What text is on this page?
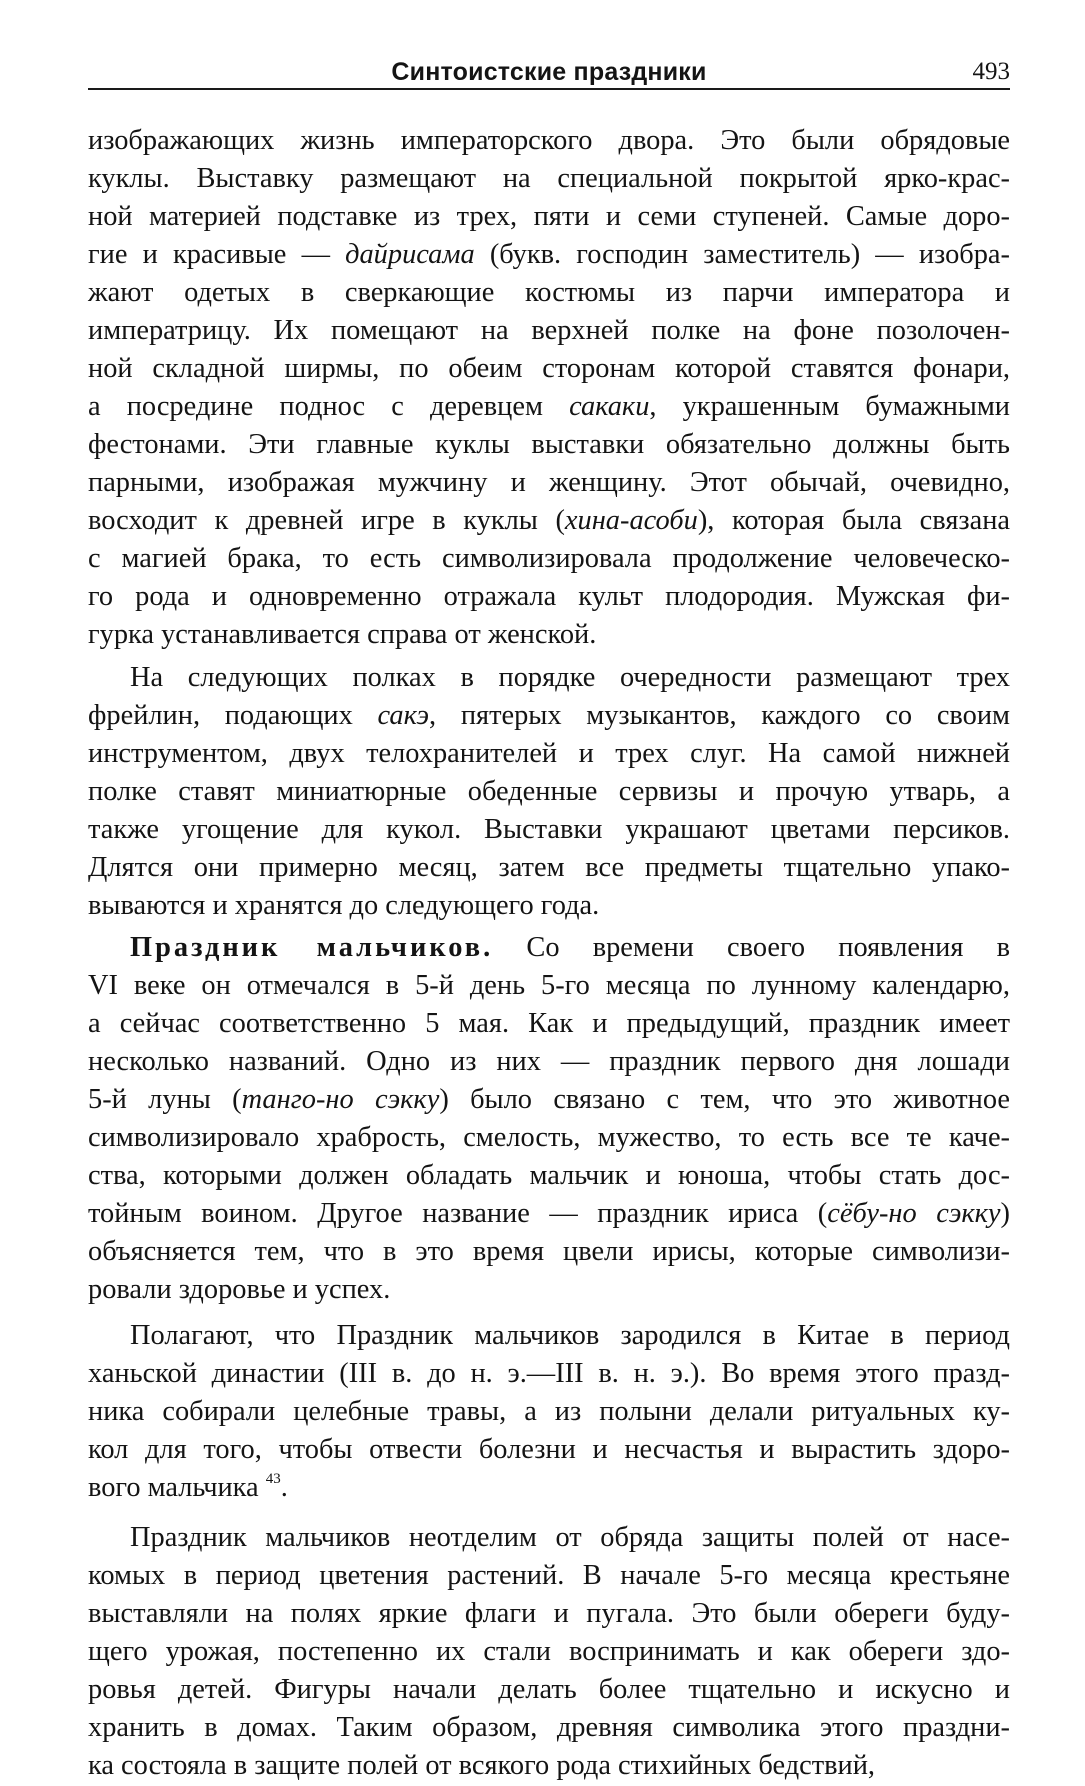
Синтоистские праздники	493
изображающих жизнь императорского двора. Это были обрядовые
куклы. Выставку размещают на специальной покрытой ярко-крас-
ной материей подставке из трех, пяти и семи ступеней. Самые доро-
гие и красивые — дайрисама (букв. господин заместитель) — изобра-
жают одетых в сверкающие костюмы из парчи императора и
императрицу. Их помещают на верхней полке на фоне позолочен-
ной складной ширмы, по обеим сторонам которой ставятся фонари,
а посредине поднос с деревцем сакаки, украшенным бумажными
фестонами. Эти главные куклы выставки обязательно должны быть
парными, изображая мужчину и женщину. Этот обычай, очевидно,
восходит к древней игре в куклы (хина-асоби), которая была связана
с магией брака, то есть символизировала продолжение человеческо-
го рода и одновременно отражала культ плодородия. Мужская фи-
гурка устанавливается справа от женской.
На следующих полках в порядке очередности размещают трех
фрейлин, подающих сакэ, пятерых музыкантов, каждого со своим
инструментом, двух телохранителей и трех слуг. На самой нижней
полке ставят миниатюрные обеденные сервизы и прочую утварь, а
также угощение для кукол. Выставки украшают цветами персиков.
Длятся они примерно месяц, затем все предметы тщательно упако-
вываются и хранятся до следующего года.
Праздник мальчиков. Со времени своего появления в
VI веке он отмечался в 5-й день 5-го месяца по лунному календарю,
а сейчас соответственно 5 мая. Как и предыдущий, праздник имеет
несколько названий. Одно из них — праздник первого дня лошади
5-й луны (танго-но сэкку) было связано с тем, что это животное
символизировало храбрость, смелость, мужество, то есть все те каче-
ства, которыми должен обладать мальчик и юноша, чтобы стать дос-
тойным воином. Другое название — праздник ириса (сёбу-но сэкку)
объясняется тем, что в это время цвели ирисы, которые символизи-
ровали здоровье и успех.
Полагают, что Праздник мальчиков зародился в Китае в период
ханьской династии (III в. до н. э.—III в. н. э.). Во время этого празд-
ника собирали целебные травы, а из полыни делали ритуальных ку-
кол для того, чтобы отвести болезни и несчастья и вырастить здоро-
вого мальчика $^{43}$.
Праздник мальчиков неотделим от обряда защиты полей от насе-
комых в период цветения растений. В начале 5-го месяца крестьяне
выставляли на полях яркие флаги и пугала. Это были обереги буду-
щего урожая, постепенно их стали воспринимать и как обереги здо-
ровья детей. Фигуры начали делать более тщательно и искусно и
хранить в домах. Таким образом, древняя символика этого праздни-
ка состояла в защите полей от всякого рода стихийных бедствий,
